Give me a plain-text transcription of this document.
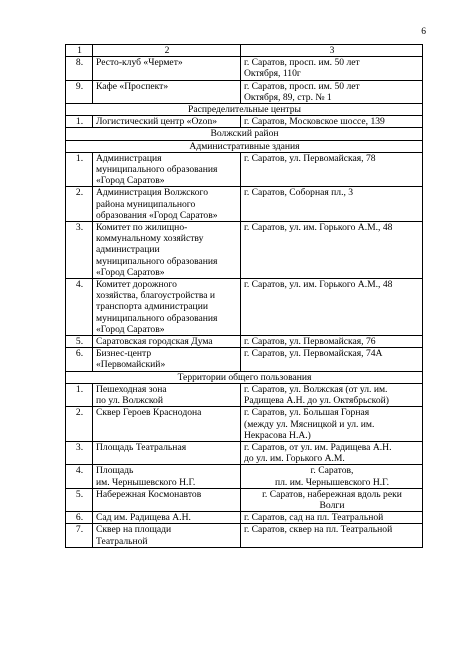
6
1	2	3
8.	Ресто-клуб «Чермет»	г. Саратов, просп. им. 50 лет
Октября, 110г
9.	Кафе «Проспект»	г. Саратов, просп. им. 50 лет
Октября, 89, стр. № 1
Распределительные центры		
1.	Логистический центр «Ozon»	г. Саратов, Московское шоссе, 139
Волжский район		
Административные здания		
1.	Администрация
муниципального образования
«Город Саратов»	г. Саратов, ул. Первомайская, 78
2.	Администрация Волжского
района муниципального
образования «Город Саратов»	г. Саратов, Соборная пл., 3
3.	Комитет по жилищно-
коммунальному хозяйству
администрации
муниципального образования
«Город Саратов»	г. Саратов, ул. им. Горького А.М., 48
4.	Комитет дорожного
хозяйства, благоустройства и
транспорта администрации
муниципального образования
«Город Саратов»	г. Саратов, ул. им. Горького А.М., 48
5.	Саратовская городская Дума	г. Саратов, ул. Первомайская, 76
6.	Бизнес-центр
«Первомайский»	г. Саратов, ул. Первомайская, 74А
Территории общего пользования		
1.	Пешеходная зона
по ул. Волжской	г. Саратов, ул. Волжская (от ул. им.
Радищева А.Н. до ул. Октябрьской)
2.	Сквер Героев Краснодона	г. Саратов, ул. Большая Горная
(между ул. Мясницкой и ул. им.
Некрасова Н.А.)
3.	Площадь Театральная	г. Саратов, от ул. им. Радищева А.Н.
до ул. им. Горького А.М.
4.	Площадь
им. Чернышевского Н.Г.	г. Саратов,
пл. им. Чернышевского Н.Г.
5.	Набережная Космонавтов	г. Саратов, набережная вдоль реки
Волги
6.	Сад им. Радищева А.Н.	г. Саратов, сад на пл. Театральной
7.	Сквер на площади
Театральной	г. Саратов, сквер на пл. Театральной
